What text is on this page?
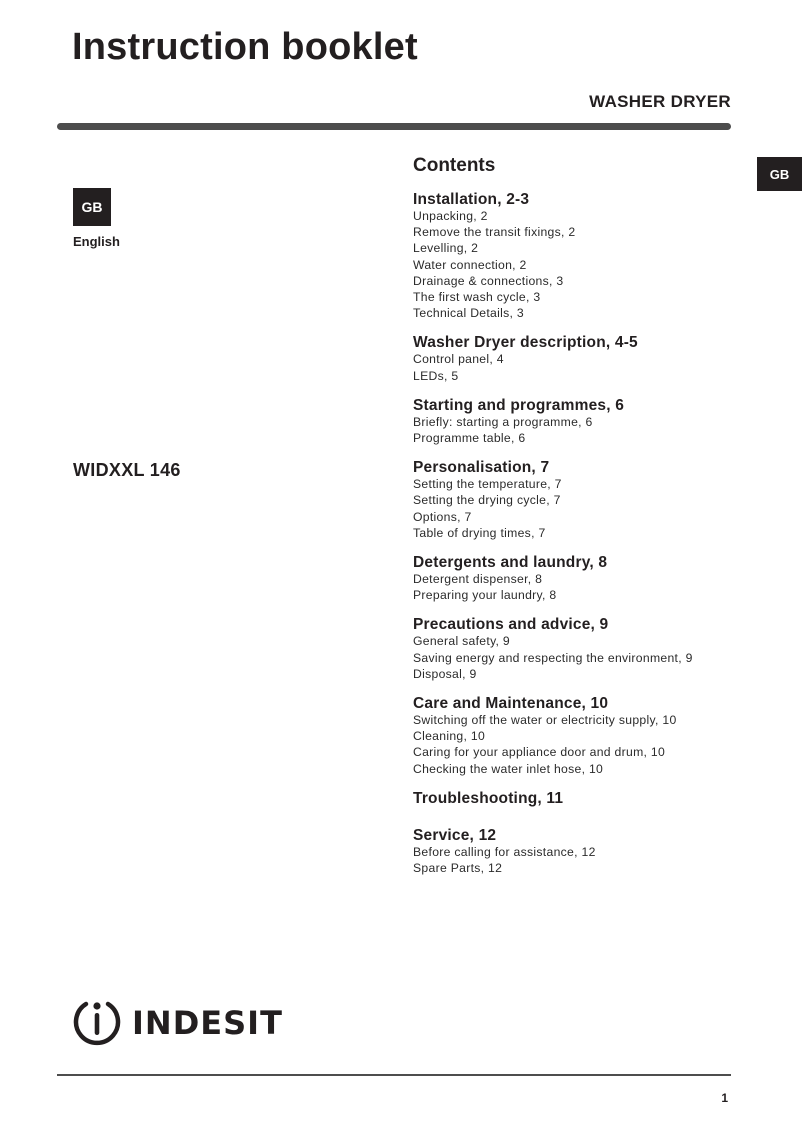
Instruction booklet
WASHER DRYER
GB
GB
English
WIDXXL 146
Contents
Installation, 2-3
Unpacking, 2
Remove the transit fixings, 2
Levelling, 2
Water connection, 2
Drainage & connections, 3
The first wash cycle, 3
Technical Details, 3
Washer Dryer description, 4-5
Control panel, 4
LEDs, 5
Starting and programmes, 6
Briefly: starting a programme, 6
Programme table, 6
Personalisation, 7
Setting the temperature, 7
Setting the drying cycle, 7
Options, 7
Table of drying times, 7
Detergents and laundry, 8
Detergent dispenser, 8
Preparing your laundry, 8
Precautions and advice, 9
General safety, 9
Saving energy and respecting the environment, 9
Disposal, 9
Care and Maintenance, 10
Switching off the water or electricity supply, 10
Cleaning, 10
Caring for your appliance door and drum, 10
Checking the water inlet hose, 10
Troubleshooting, 11
Service, 12
Before calling for assistance, 12
Spare Parts, 12
INDESIT
1
